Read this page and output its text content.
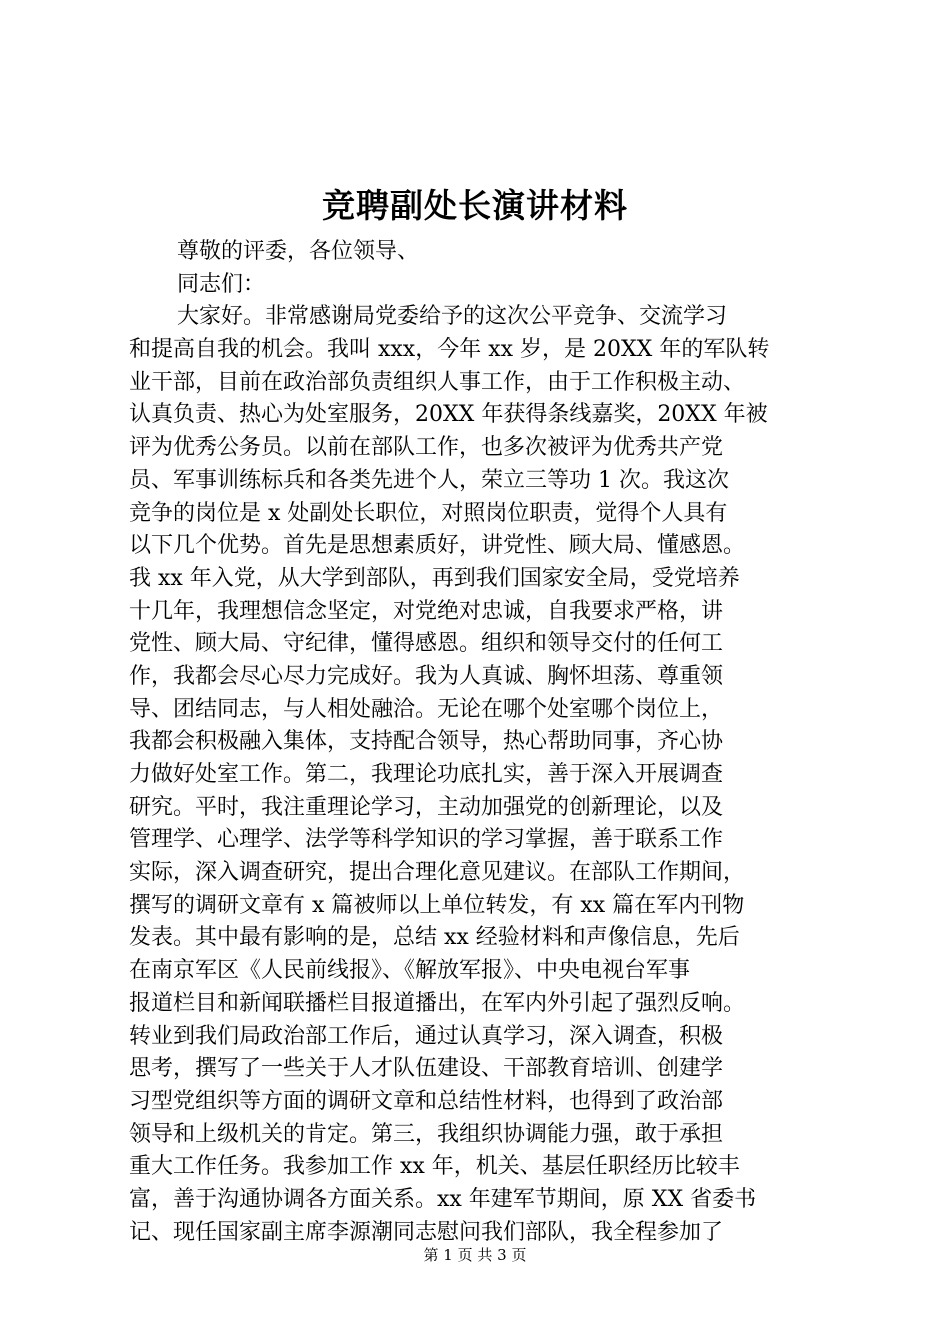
竞聘副处长演讲材料
尊敬的评委，各位领导、
同志们：
大家好。非常感谢局党委给予的这次公平竞争、交流学习
和提高自我的机会。我叫 xxx，今年 xx 岁，是 20XX 年的军队转
业干部，目前在政治部负责组织人事工作，由于工作积极主动、
认真负责、热心为处室服务，20XX 年获得条线嘉奖，20XX 年被
评为优秀公务员。以前在部队工作，也多次被评为优秀共产党
员、军事训练标兵和各类先进个人，荣立三等功 1 次。我这次
竞争的岗位是 x 处副处长职位，对照岗位职责，觉得个人具有
以下几个优势。首先是思想素质好，讲党性、顾大局、懂感恩。
我 xx 年入党，从大学到部队，再到我们国家安全局，受党培养
十几年，我理想信念坚定，对党绝对忠诚，自我要求严格，讲
党性、顾大局、守纪律，懂得感恩。组织和领导交付的任何工
作，我都会尽心尽力完成好。我为人真诚、胸怀坦荡、尊重领
导、团结同志，与人相处融洽。无论在哪个处室哪个岗位上，
我都会积极融入集体，支持配合领导，热心帮助同事，齐心协
力做好处室工作。第二，我理论功底扎实，善于深入开展调查
研究。平时，我注重理论学习，主动加强党的创新理论，以及
管理学、心理学、法学等科学知识的学习掌握，善于联系工作
实际，深入调查研究，提出合理化意见建议。在部队工作期间，
撰写的调研文章有 x 篇被师以上单位转发，有 xx 篇在军内刊物
发表。其中最有影响的是，总结 xx 经验材料和声像信息，先后
在南京军区《人民前线报》、《解放军报》、中央电视台军事
报道栏目和新闻联播栏目报道播出，在军内外引起了强烈反响。
转业到我们局政治部工作后，通过认真学习，深入调查，积极
思考，撰写了一些关于人才队伍建设、干部教育培训、创建学
习型党组织等方面的调研文章和总结性材料，也得到了政治部
领导和上级机关的肯定。第三，我组织协调能力强，敢于承担
重大工作任务。我参加工作 xx 年，机关、基层任职经历比较丰
富，善于沟通协调各方面关系。xx 年建军节期间，原 XX 省委书
记、现任国家副主席李源潮同志慰问我们部队，我全程参加了
第 1 页 共 3 页
